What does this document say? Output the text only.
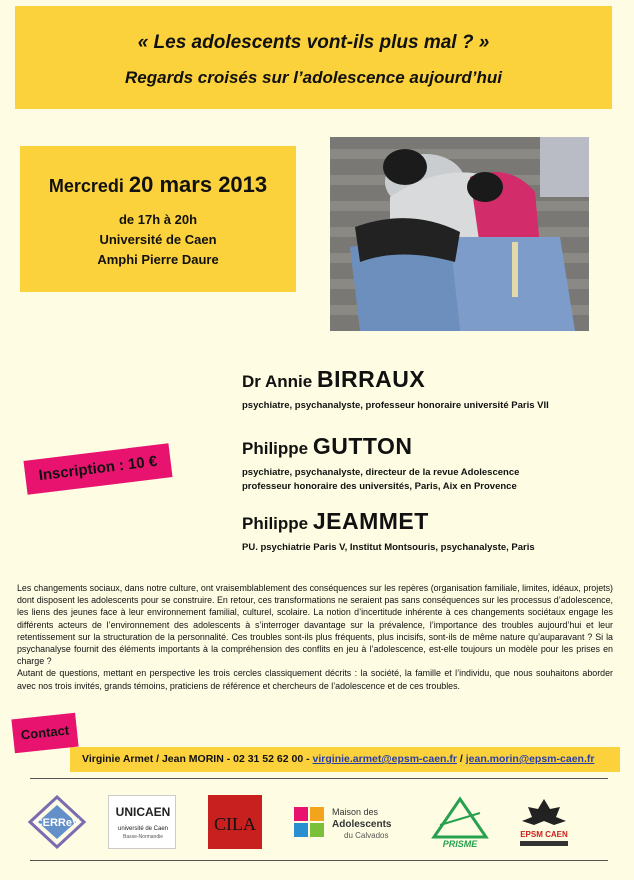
« Les adolescents vont-ils plus mal ? »
Regards croisés sur l’adolescence aujourd’hui
Mercredi 20 mars 2013
de 17h à 20h
Université de Caen
Amphi Pierre Daure
Dr Annie BIRRAUX
psychiatre, psychanalyste, professeur honoraire université Paris VII
Philippe GUTTON
psychiatre, psychanalyste, directeur de la revue Adolescence
professeur honoraire des universités, Paris, Aix en Provence
Philippe JEAMMET
PU. psychiatrie Paris V, Institut Montsouris, psychanalyste, Paris
Inscription : 10 €

Les changements sociaux, dans notre culture, ont vraisemblablement des conséquences sur les repères (organisation familiale, limites, idéaux, projets) dont disposent les adolescents pour se construire. En retour, ces transformations ne seraient pas sans conséquences sur les processus d’adolescence, les liens des jeunes face à leur environnement familial, culturel, scolaire. La notion d’incertitude inhérente à ces changements sociétaux engage les différents acteurs de l’environnement des adolescents à s’interroger davantage sur la prévalence, l’importance des troubles aujourd’hui et leur retentissement sur la structuration de la personnalité. Ces troubles sont-ils plus fréquents, plus incisifs, sont-ils de même nature qu’auparavant ? Si la psychanalyse fournit des éléments importants à la compréhension des conflits en jeu à l’adolescence, est-elle toujours un modèle pour les prises en charge ?

Autant de questions, mettant en perspective les trois cercles classiquement décrits : la société, la famille et l’individu, que nous souhaitons aborder avec nos trois invités, grands témoins, praticiens de référence et chercheurs de l’adolescence et de ces troubles.

Virginie Armet / Jean MORIN - 02 31 52 62 00 - virginie.armet@epsm-caen.fr / jean.morin@epsm-caen.fr
Contact
CERReV
UNICAEN
université de Caen
Basse-Normandie
CILA
Maison des
Adolescents
du Calvados
PRISME
EPSM CAEN
